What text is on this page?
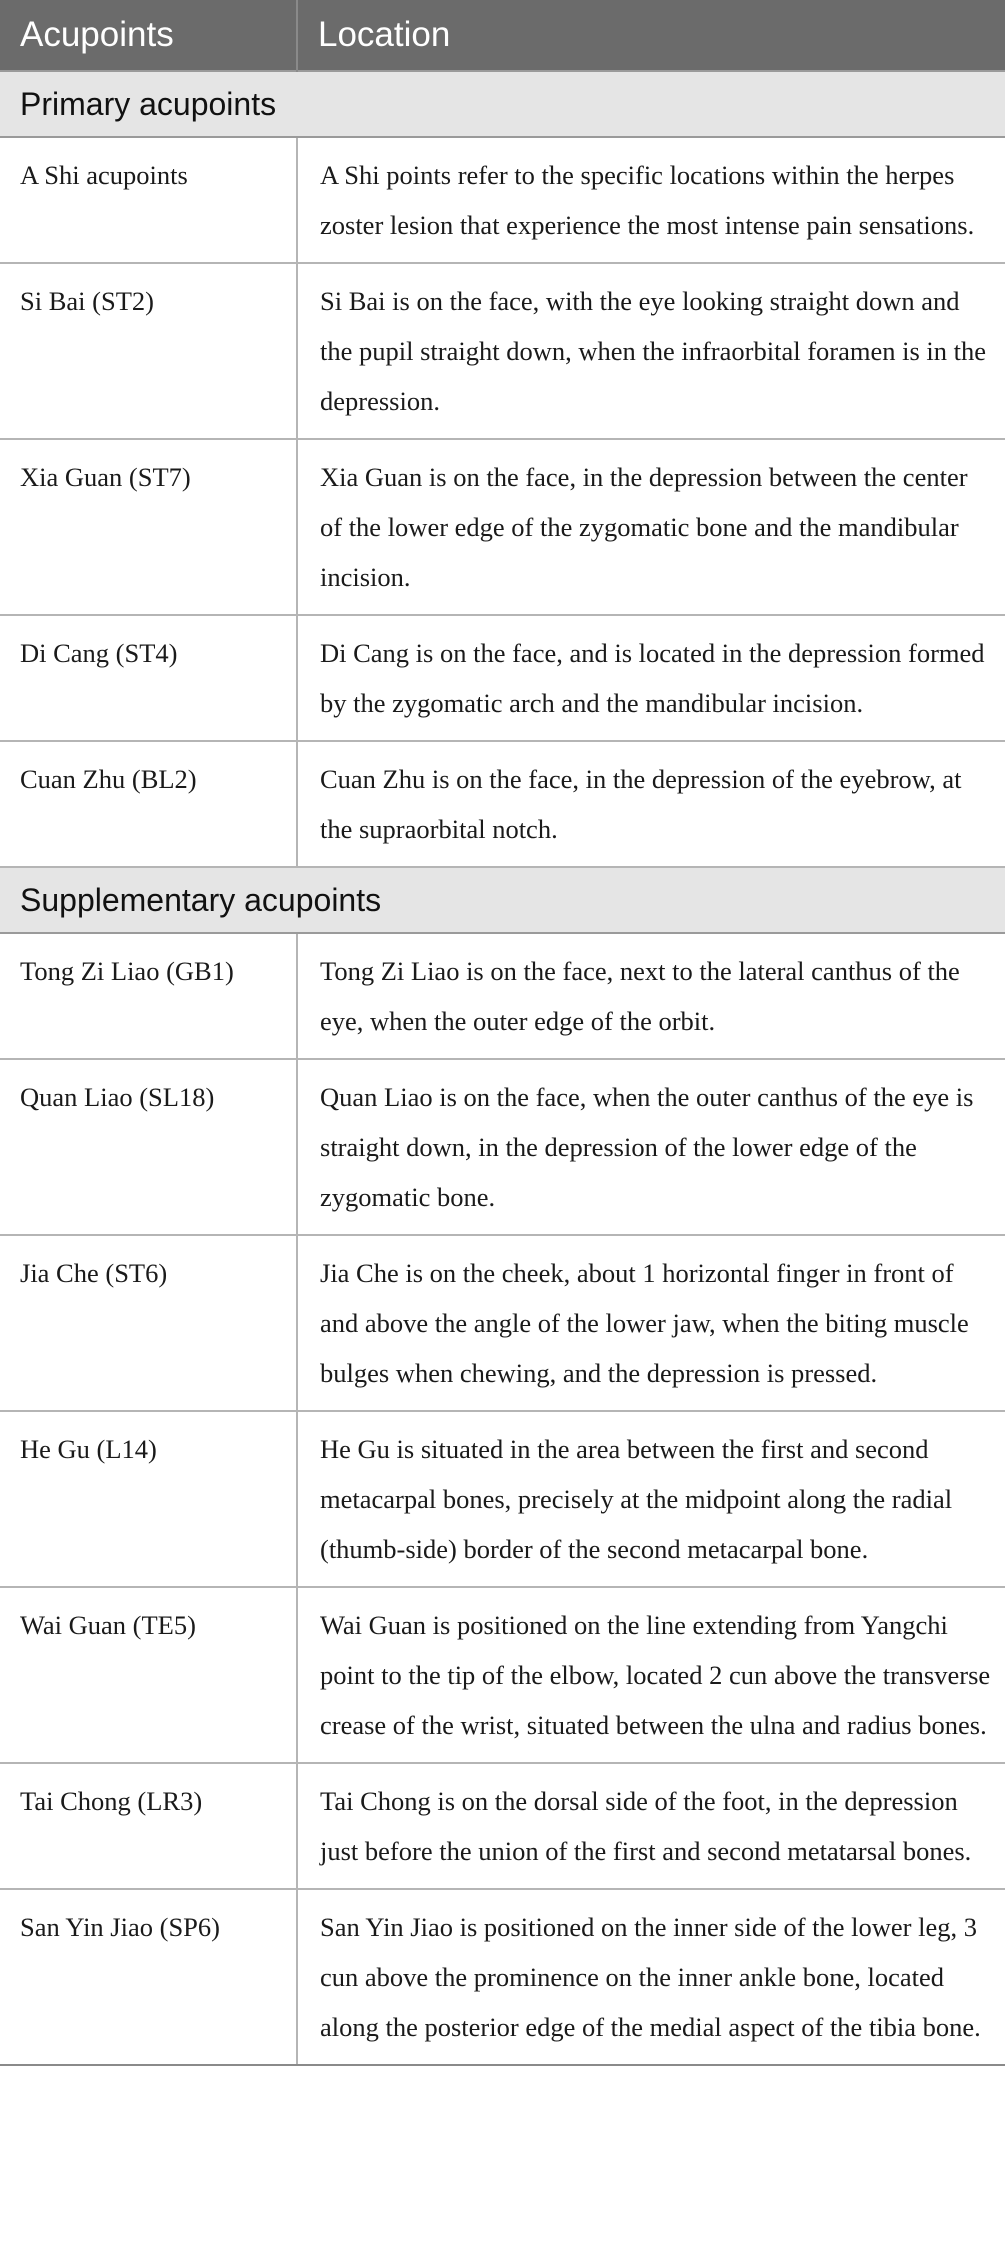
Acupoints	Location
Primary acupoints	
A Shi acupoints	A Shi points refer to the specific locations within the herpes zoster lesion that experience the most intense pain sensations.
Si Bai (ST2)	Si Bai is on the face, with the eye looking straight down and the pupil straight down, when the infraorbital foramen is in the depression.
Xia Guan (ST7)	Xia Guan is on the face, in the depression between the center of the lower edge of the zygomatic bone and the mandibular incision.
Di Cang (ST4)	Di Cang is on the face, and is located in the depression formed by the zygomatic arch and the mandibular incision.
Cuan Zhu (BL2)	Cuan Zhu is on the face, in the depression of the eyebrow, at the supraorbital notch.
Supplementary acupoints	
Tong Zi Liao (GB1)	Tong Zi Liao is on the face, next to the lateral canthus of the eye, when the outer edge of the orbit.
Quan Liao (SL18)	Quan Liao is on the face, when the outer canthus of the eye is straight down, in the depression of the lower edge of the zygomatic bone.
Jia Che (ST6)	Jia Che is on the cheek, about 1 horizontal finger in front of and above the angle of the lower jaw, when the biting muscle bulges when chewing, and the depression is pressed.
He Gu (L14)	He Gu is situated in the area between the first and second metacarpal bones, precisely at the midpoint along the radial (thumb-side) border of the second metacarpal bone.
Wai Guan (TE5)	Wai Guan is positioned on the line extending from Yangchi point to the tip of the elbow, located 2 cun above the transverse crease of the wrist, situated between the ulna and radius bones.
Tai Chong (LR3)	Tai Chong is on the dorsal side of the foot, in the depression just before the union of the first and second metatarsal bones.
San Yin Jiao (SP6)	San Yin Jiao is positioned on the inner side of the lower leg, 3 cun above the prominence on the inner ankle bone, located along the posterior edge of the medial aspect of the tibia bone.
